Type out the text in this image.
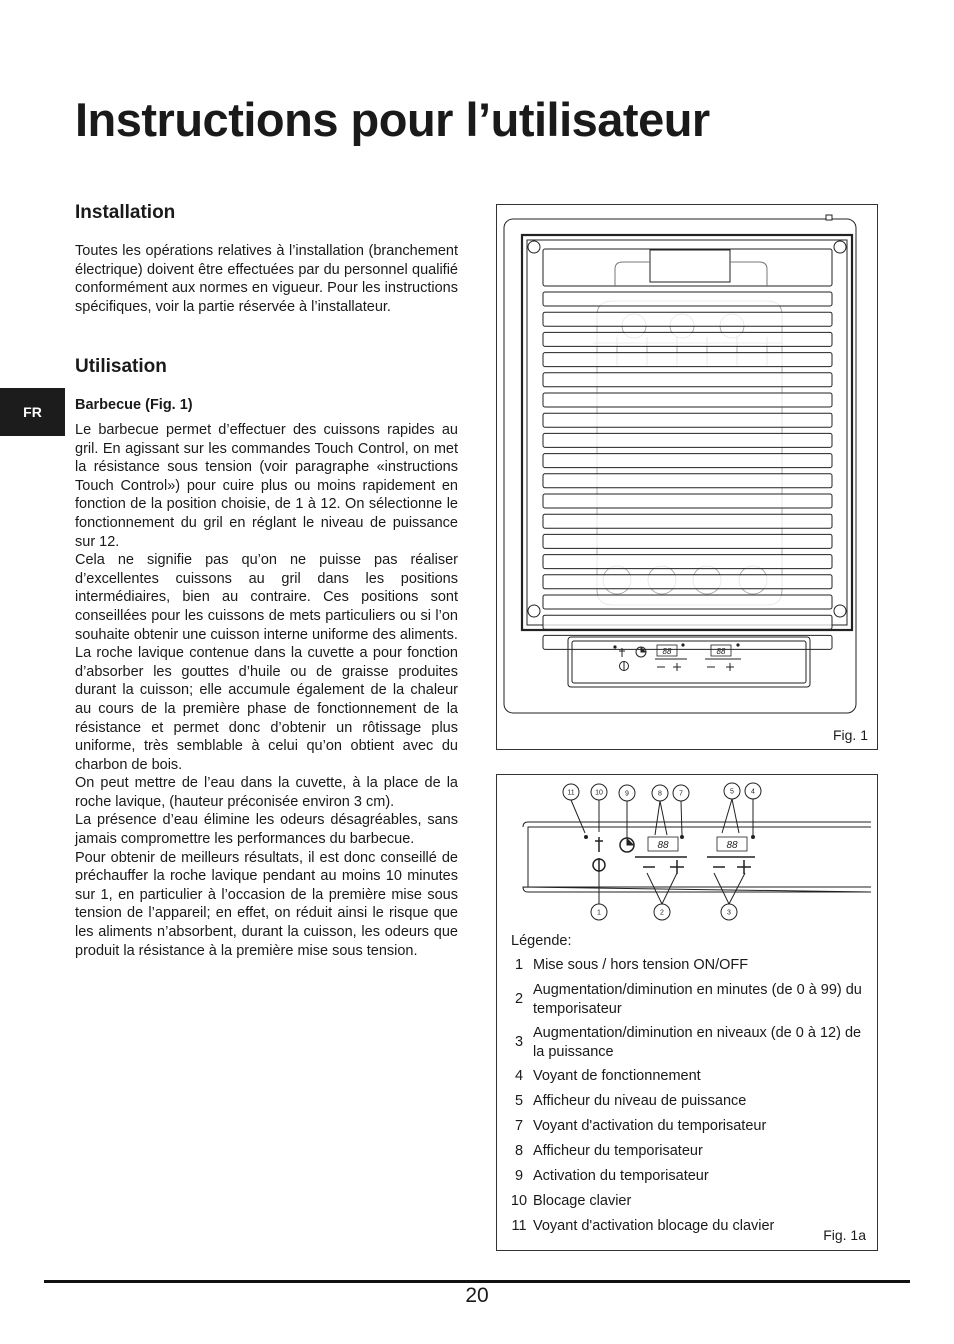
Instructions pour l’utilisateur
Installation

Toutes les opérations relatives à l’installation (branchement électrique) doivent être effectuées par du personnel qualifié conformément aux normes en vigueur. Pour les instructions spécifiques, voir la partie réservée à l’installateur.

Utilisation
FR	Barbecue (Fig. 1)

Le barbecue permet d’effectuer des cuissons rapides au gril. En agissant sur les commandes Touch Control, on met la résistance sous tension (voir paragraphe «instructions Touch Control») pour cuire plus ou moins rapidement en fonction de la position choisie, de 1 à 12. On sélectionne le fonctionnement du gril en réglant le niveau de puissance sur 12.

Cela ne signifie pas qu’on ne puisse pas réaliser d’excellentes cuissons au gril dans les positions intermédiaires, bien au contraire. Ces positions sont conseillées pour les cuissons de mets particuliers ou si l’on souhaite obtenir une cuisson interne uniforme des aliments.

La roche lavique contenue dans la cuvette a pour fonction d’absorber les gouttes d’huile ou de graisse produites durant la cuisson; elle accumule également de la chaleur au cours de la première phase de fonctionnement de la résistance et permet donc d’obtenir un rôtissage plus uniforme, très semblable à celui qu’on obtient avec du charbon de bois.

On peut mettre de l’eau dans la cuvette, à la place de la roche lavique, (hauteur préconisée environ 3 cm).

La présence d’eau élimine les odeurs désagréables, sans jamais compromettre les performances du barbecue.

Pour obtenir de meilleurs résultats, il est donc conseillé de préchauffer la roche lavique pendant au moins 10 minutes sur 1, en particulier à l’occasion de la première mise sous tension de l’appareil; en effet, on réduit ainsi le risque que les aliments n’absorbent, durant la cuisson, les odeurs que produit la résistance à la première mise sous tension.

88	88
Fig. 1
11	10	9	8 7	5 4
1	2	3
88	88
Légende:
1	Mise sous / hors tension ON/OFF
2	Augmentation/diminution en minutes (de 0 à 99) du temporisateur
3	Augmentation/diminution en niveaux (de 0 à 12) de la puissance
4	Voyant de fonctionnement
5	Afficheur du niveau de puissance
7	Voyant d'activation du temporisateur
8	Afficheur du temporisateur
9	Activation du temporisateur
10	Blocage clavier
11	Voyant d'activation blocage du clavier
Fig. 1a
20
